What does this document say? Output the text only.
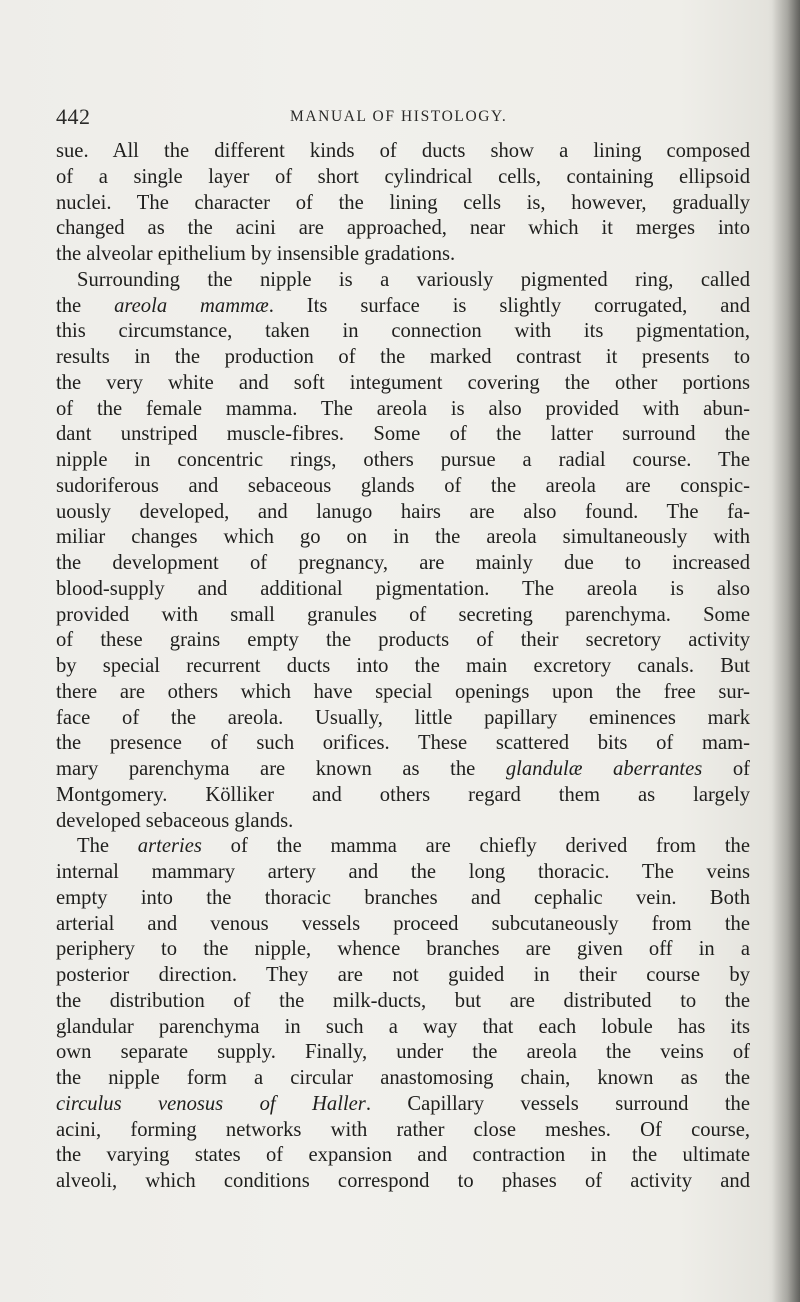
442	MANUAL OF HISTOLOGY.
sue. All the different kinds of ducts show a lining composed
of a single layer of short cylindrical cells, containing ellipsoid
nuclei. The character of the lining cells is, however, gradually
changed as the acini are approached, near which it merges into
the alveolar epithelium by insensible gradations.
Surrounding the nipple is a variously pigmented ring, called
the areola mammæ. Its surface is slightly corrugated, and
this circumstance, taken in connection with its pigmentation,
results in the production of the marked contrast it presents to
the very white and soft integument covering the other portions
of the female mamma. The areola is also provided with abun-
dant unstriped muscle-fibres. Some of the latter surround the
nipple in concentric rings, others pursue a radial course. The
sudoriferous and sebaceous glands of the areola are conspic-
uously developed, and lanugo hairs are also found. The fa-
miliar changes which go on in the areola simultaneously with
the development of pregnancy, are mainly due to increased
blood-supply and additional pigmentation. The areola is also
provided with small granules of secreting parenchyma. Some
of these grains empty the products of their secretory activity
by special recurrent ducts into the main excretory canals. But
there are others which have special openings upon the free sur-
face of the areola. Usually, little papillary eminences mark
the presence of such orifices. These scattered bits of mam-
mary parenchyma are known as the glandulæ aberrantes of
Montgomery. Kölliker and others regard them as largely
developed sebaceous glands.
The arteries of the mamma are chiefly derived from the
internal mammary artery and the long thoracic. The veins
empty into the thoracic branches and cephalic vein. Both
arterial and venous vessels proceed subcutaneously from the
periphery to the nipple, whence branches are given off in a
posterior direction. They are not guided in their course by
the distribution of the milk-ducts, but are distributed to the
glandular parenchyma in such a way that each lobule has its
own separate supply. Finally, under the areola the veins of
the nipple form a circular anastomosing chain, known as the
circulus venosus of Haller. Capillary vessels surround the
acini, forming networks with rather close meshes. Of course,
the varying states of expansion and contraction in the ultimate
alveoli, which conditions correspond to phases of activity and
